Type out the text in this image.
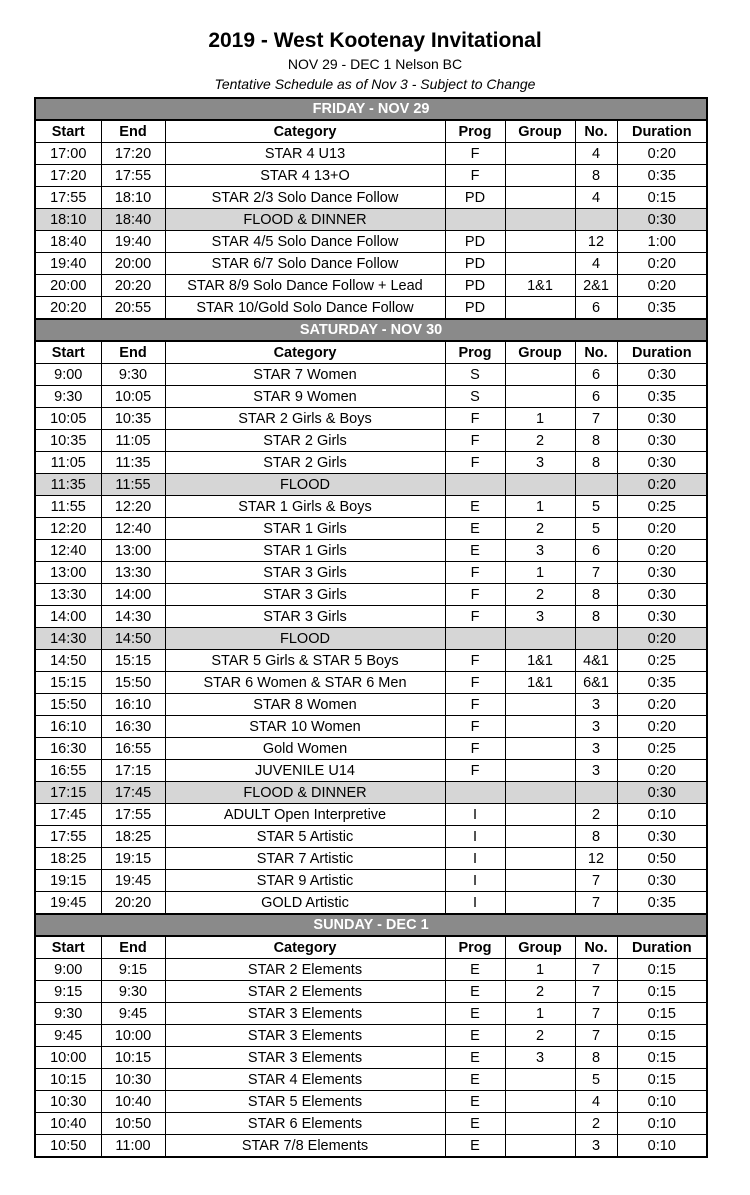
2019 - West Kootenay Invitational
NOV 29 - DEC 1 Nelson BC
Tentative Schedule as of Nov 3 - Subject to Change
FRIDAY - NOV 29						
Start	End	Category	Prog	Group	No.	Duration
17:00	17:20	STAR 4 U13	F		4	0:20
17:20	17:55	STAR 4 13+O	F		8	0:35
17:55	18:10	STAR 2/3 Solo Dance Follow	PD		4	0:15
18:10	18:40	FLOOD & DINNER				0:30
18:40	19:40	STAR 4/5 Solo Dance Follow	PD		12	1:00
19:40	20:00	STAR 6/7 Solo Dance Follow	PD		4	0:20
20:00	20:20	STAR 8/9 Solo Dance Follow + Lead	PD	1&1	2&1	0:20
20:20	20:55	STAR 10/Gold Solo Dance Follow	PD		6	0:35
SATURDAY - NOV 30						
Start	End	Category	Prog	Group	No.	Duration
9:00	9:30	STAR 7 Women	S		6	0:30
9:30	10:05	STAR 9 Women	S		6	0:35
10:05	10:35	STAR 2 Girls & Boys	F	1	7	0:30
10:35	11:05	STAR 2 Girls	F	2	8	0:30
11:05	11:35	STAR 2 Girls	F	3	8	0:30
11:35	11:55	FLOOD				0:20
11:55	12:20	STAR 1 Girls & Boys	E	1	5	0:25
12:20	12:40	STAR 1 Girls	E	2	5	0:20
12:40	13:00	STAR 1 Girls	E	3	6	0:20
13:00	13:30	STAR 3 Girls	F	1	7	0:30
13:30	14:00	STAR 3 Girls	F	2	8	0:30
14:00	14:30	STAR 3 Girls	F	3	8	0:30
14:30	14:50	FLOOD				0:20
14:50	15:15	STAR 5 Girls & STAR 5 Boys	F	1&1	4&1	0:25
15:15	15:50	STAR 6 Women & STAR 6 Men	F	1&1	6&1	0:35
15:50	16:10	STAR 8 Women	F		3	0:20
16:10	16:30	STAR 10 Women	F		3	0:20
16:30	16:55	Gold Women	F		3	0:25
16:55	17:15	JUVENILE U14	F		3	0:20
17:15	17:45	FLOOD & DINNER				0:30
17:45	17:55	ADULT Open Interpretive	I		2	0:10
17:55	18:25	STAR 5 Artistic	I		8	0:30
18:25	19:15	STAR 7 Artistic	I		12	0:50
19:15	19:45	STAR 9 Artistic	I		7	0:30
19:45	20:20	GOLD Artistic	I		7	0:35
SUNDAY - DEC 1						
Start	End	Category	Prog	Group	No.	Duration
9:00	9:15	STAR 2 Elements	E	1	7	0:15
9:15	9:30	STAR 2 Elements	E	2	7	0:15
9:30	9:45	STAR 3 Elements	E	1	7	0:15
9:45	10:00	STAR 3 Elements	E	2	7	0:15
10:00	10:15	STAR 3 Elements	E	3	8	0:15
10:15	10:30	STAR 4 Elements	E		5	0:15
10:30	10:40	STAR 5 Elements	E		4	0:10
10:40	10:50	STAR 6 Elements	E		2	0:10
10:50	11:00	STAR 7/8 Elements	E		3	0:10
